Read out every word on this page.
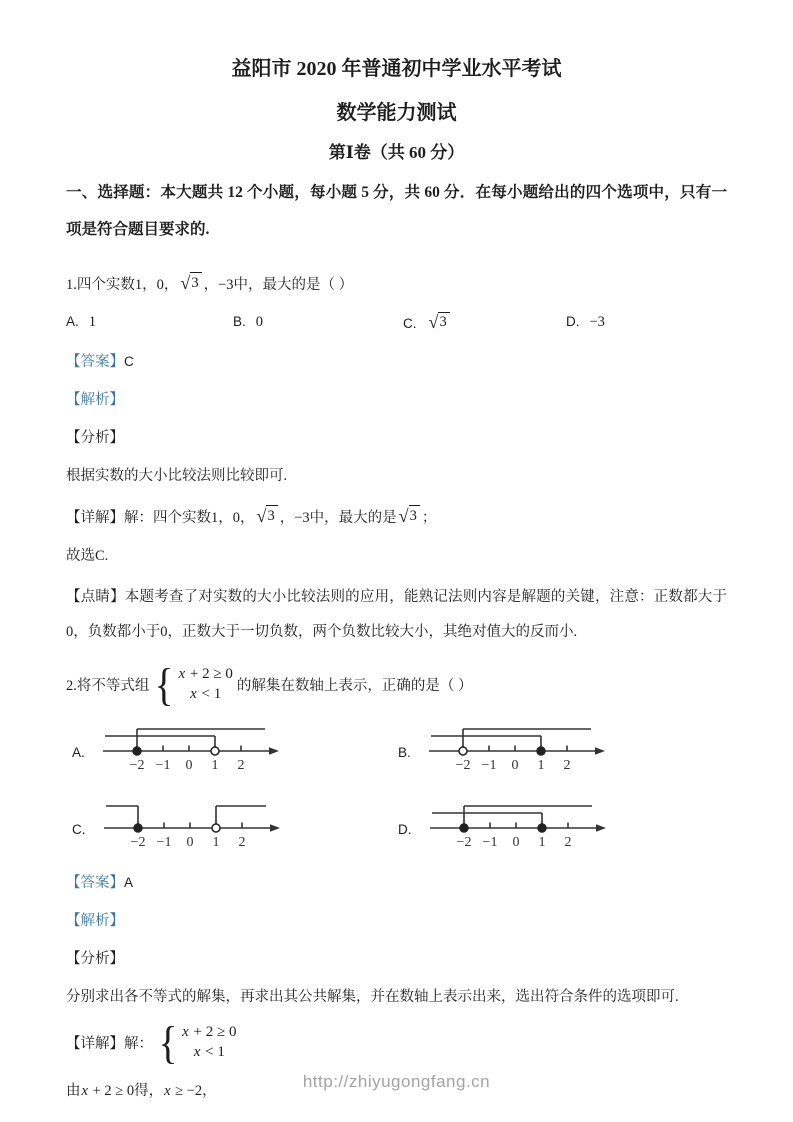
益阳市 2020 年普通初中学业水平考试
数学能力测试
第Ⅰ卷（共 60 分）

一、选择题：本大题共 12 个小题，每小题 5 分，共 60 分．在每小题给出的四个选项中，只有一项是符合题目要求的.

1.四个实数1，0， √ 3 ，−3中，最大的是（ ）

A. 1	B. 0	C. √ 3	D. −3

【答案】C

【解析】

【分析】

根据实数的大小比较法则比较即可.

【详解】解：四个实数1，0， √ 3 ，−3中，最大的是 √ 3 ；

故选C.

【点睛】本题考查了对实数的大小比较法则的应用，能熟记法则内容是解题的关键，注意：正数都大于0，负数都小于0，正数大于一切负数，两个负数比较大小，其绝对值大的反而小.

2.将不等式组 { x + 2 ≥ 0
x < 1 的解集在数轴上表示，正确的是（ ）
A.
−2 −1 0 1 2
B.
−2 −1 0 1 2
C.
−2 −1 0 1 2
D.
−2 −1 0 1 2

【答案】A

【解析】

【分析】

分别求出各不等式的解集，再求出其公共解集，并在数轴上表示出来，选出符合条件的选项即可.

【详解】 解： { x + 2 ≥ 0
x < 1

由x + 2 ≥ 0得，x ≥ −2，	http://zhiyugongfang.cn
